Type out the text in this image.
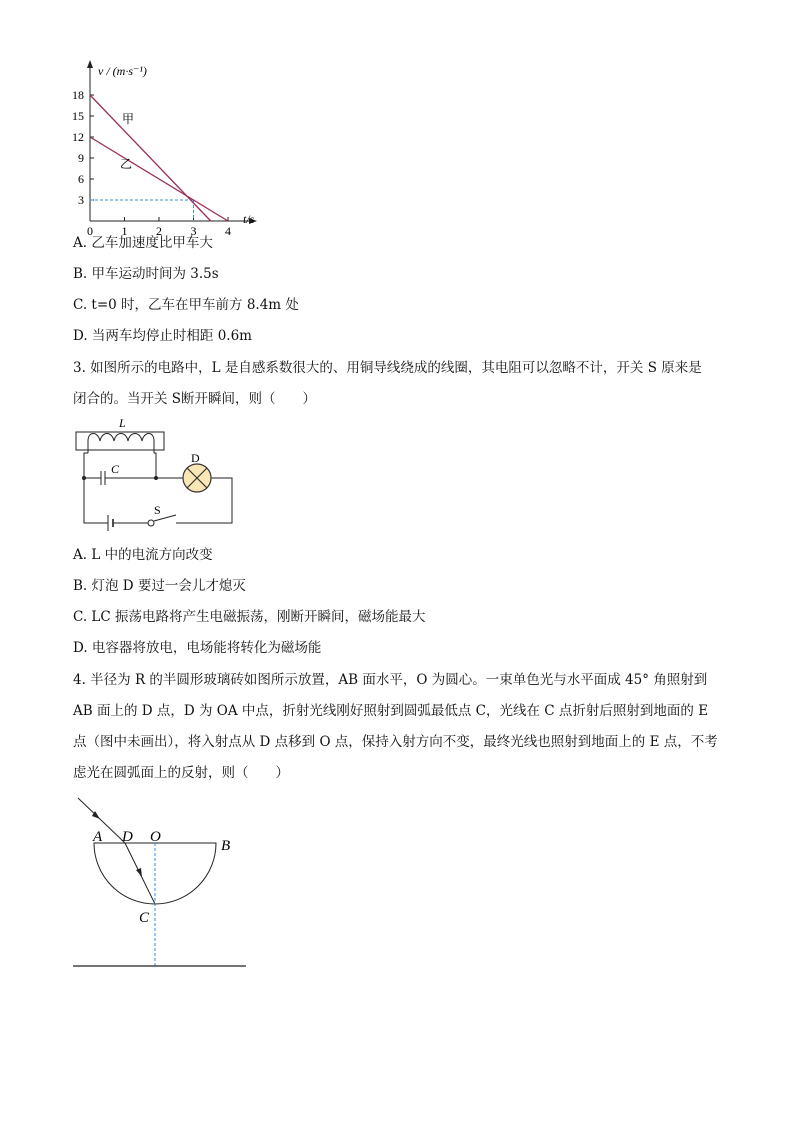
v / (m·s⁻¹)
t/s
0 1 2 3 4
3
6
9
12
15
18
甲
乙
A. 乙车加速度比甲车大
B. 甲车运动时间为 3.5s
C. t=0 时，乙车在甲车前方 8.4m 处
D. 当两车均停止时相距 0.6m
3. 如图所示的电路中，L 是自感系数很大的、用铜导线绕成的线圈，其电阻可以忽略不计，开关 S 原来是
闭合的。当开关 S断开瞬间，则（　　）
L
C
D
S
A. L 中的电流方向改变
B. 灯泡 D 要过一会儿才熄灭
C. LC 振荡电路将产生电磁振荡，刚断开瞬间，磁场能最大
D. 电容器将放电，电场能将转化为磁场能
4. 半径为 R 的半圆形玻璃砖如图所示放置，AB 面水平，O 为圆心。一束单色光与水平面成 45° 角照射到
AB 面上的 D 点，D 为 OA 中点，折射光线刚好照射到圆弧最低点 C，光线在 C 点折射后照射到地面的 E
点（图中未画出），将入射点从 D 点移到 O 点，保持入射方向不变，最终光线也照射到地面上的 E 点，不考
虑光在圆弧面上的反射，则（　　）
A D O
B
C
